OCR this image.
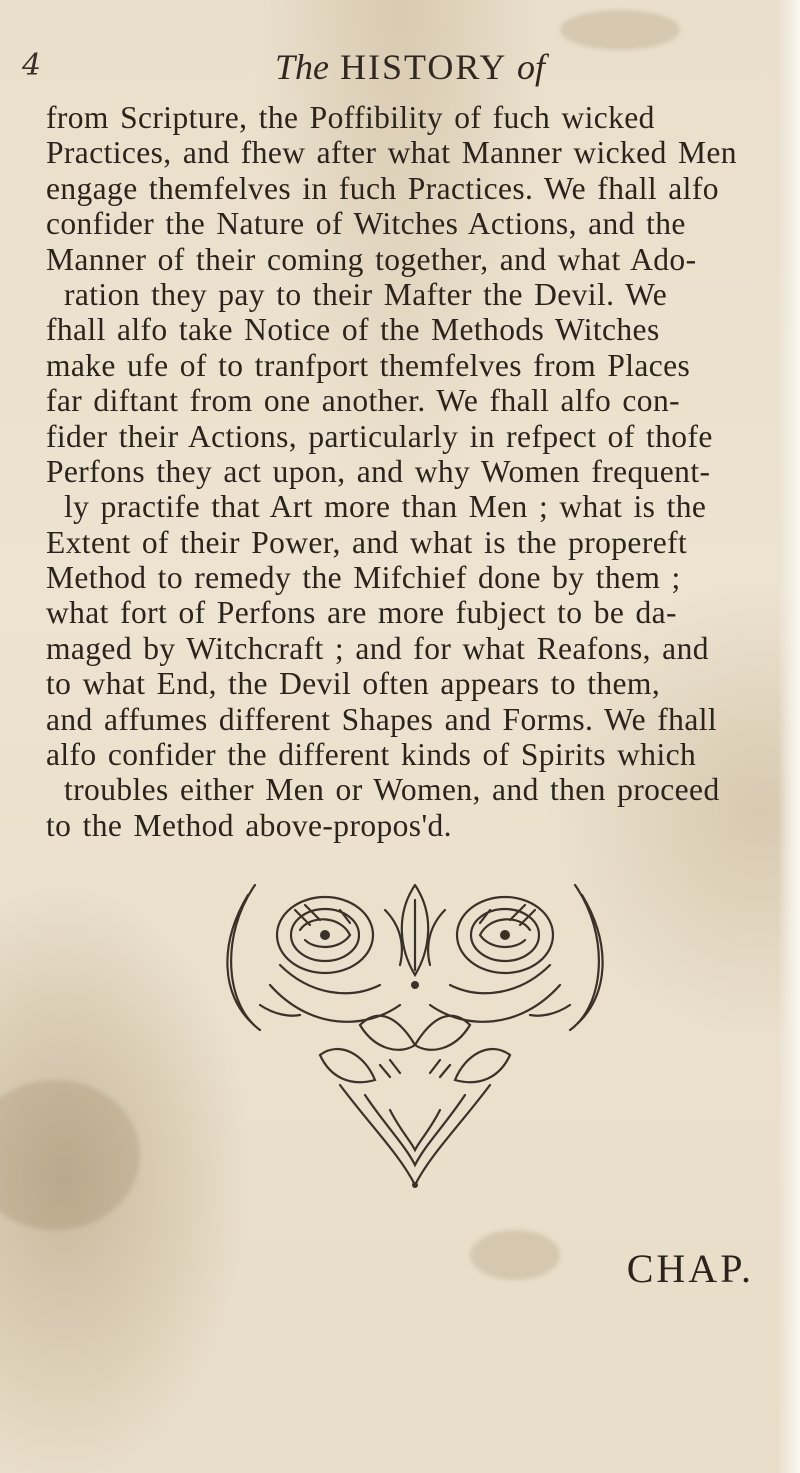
4	The HISTORY of
from Scripture, the Poffibility of fuch wicked
Practices, and fhew after what Manner wicked Men
engage themfelves in fuch Practices. We fhall alfo
confider the Nature of Witches Actions, and the
Manner of their coming together, and what Ado-
ration they pay to their Mafter the Devil. We
fhall alfo take Notice of the Methods Witches
make ufe of to tranfport themfelves from Places
far diftant from one another. We fhall alfo con-
fider their Actions, particularly in refpect of thofe
Perfons they act upon, and why Women frequent-
ly practife that Art more than Men ; what is the
Extent of their Power, and what is the propereft
Method to remedy the Mifchief done by them ;
what fort of Perfons are more fubject to be da-
maged by Witchcraft ; and for what Reafons, and
to what End, the Devil often appears to them,
and affumes different Shapes and Forms. We fhall
alfo confider the different kinds of Spirits which
troubles either Men or Women, and then proceed
to the Method above-propos'd.
CHAP.
